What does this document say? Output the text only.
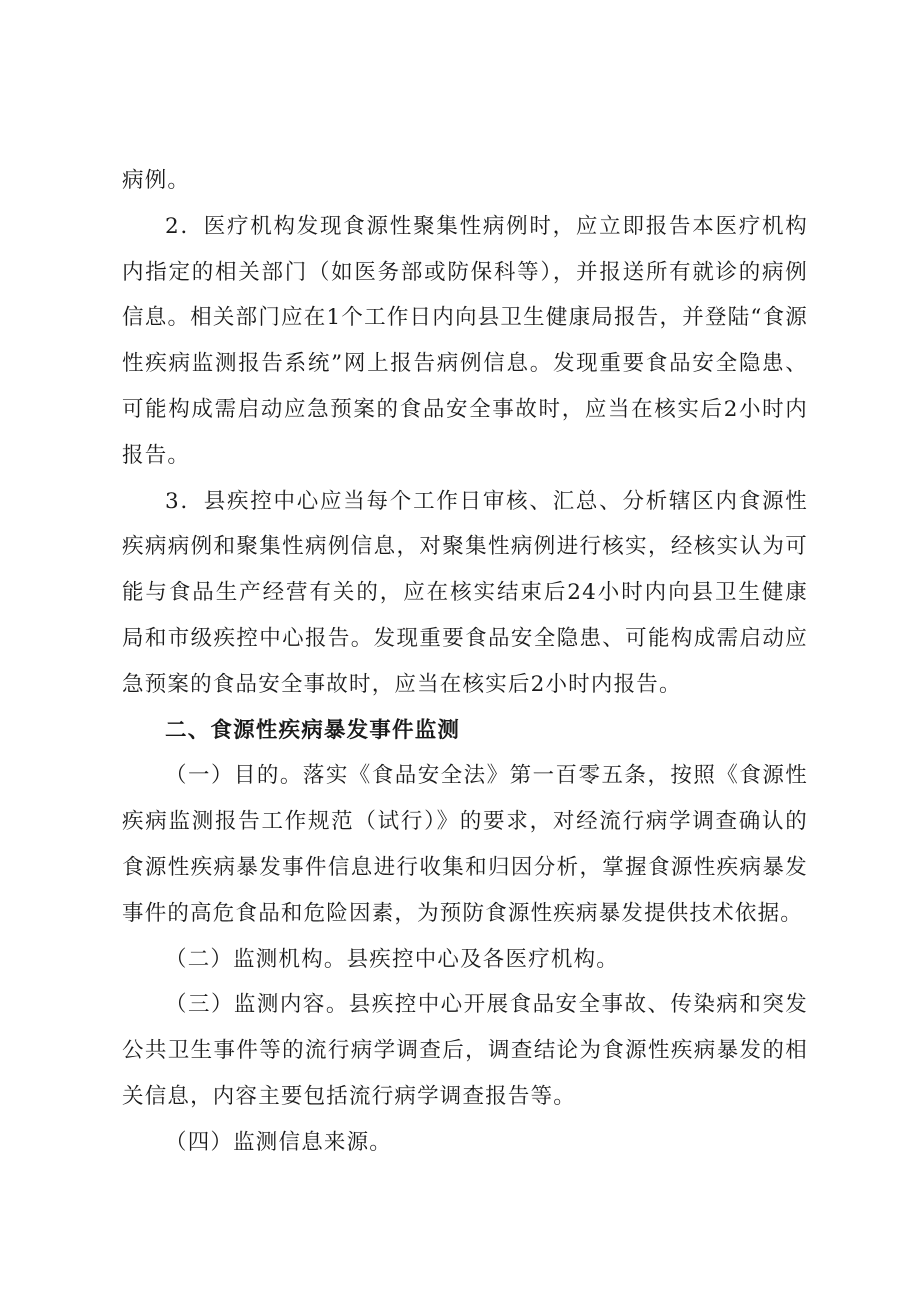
病例。

2．医疗机构发现食源性聚集性病例时，应立即报告本医疗机构内指定的相关部门（如医务部或防保科等），并报送所有就诊的病例信息。相关部门应在1个工作日内向县卫生健康局报告，并登陆“食源性疾病监测报告系统”网上报告病例信息。发现重要食品安全隐患、可能构成需启动应急预案的食品安全事故时，应当在核实后2小时内报告。

3．县疾控中心应当每个工作日审核、汇总、分析辖区内食源性疾病病例和聚集性病例信息，对聚集性病例进行核实，经核实认为可能与食品生产经营有关的，应在核实结束后24小时内向县卫生健康局和市级疾控中心报告。发现重要食品安全隐患、可能构成需启动应急预案的食品安全事故时，应当在核实后2小时内报告。

二、食源性疾病暴发事件监测

（一）目的。落实《食品安全法》第一百零五条，按照《食源性疾病监测报告工作规范（试行）》的要求，对经流行病学调查确认的食源性疾病暴发事件信息进行收集和归因分析，掌握食源性疾病暴发事件的高危食品和危险因素，为预防食源性疾病暴发提供技术依据。

（二）监测机构。县疾控中心及各医疗机构。

（三）监测内容。县疾控中心开展食品安全事故、传染病和突发公共卫生事件等的流行病学调查后，调查结论为食源性疾病暴发的相关信息，内容主要包括流行病学调查报告等。

（四）监测信息来源。
